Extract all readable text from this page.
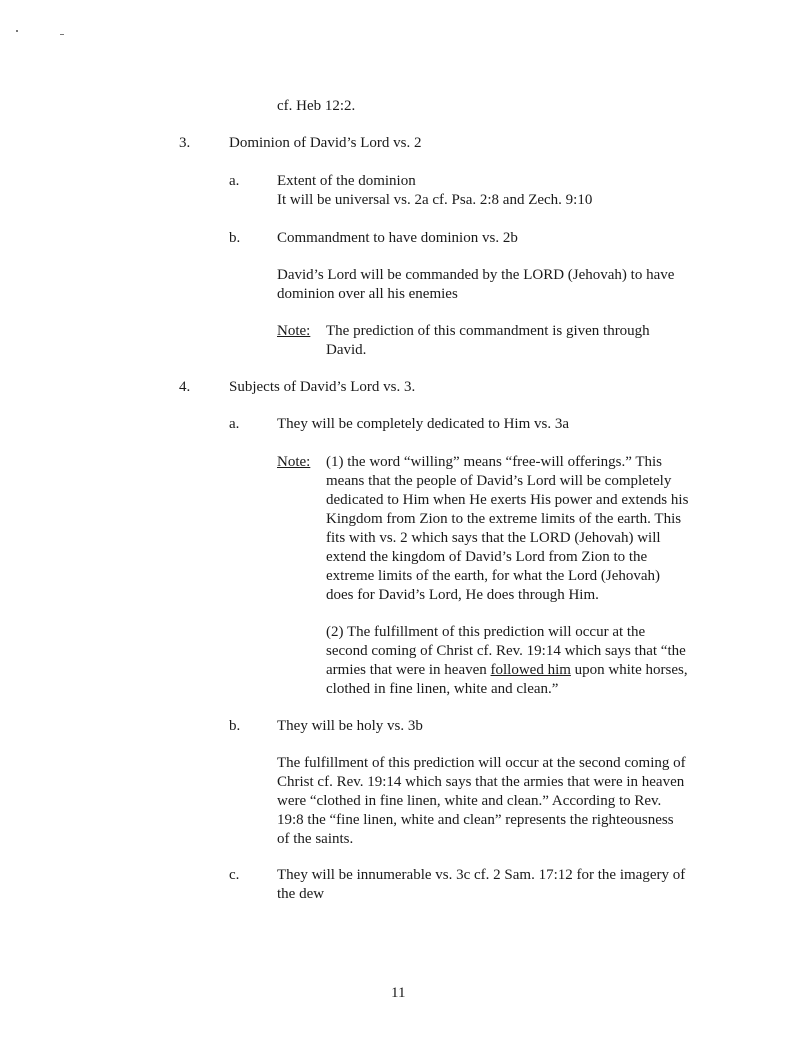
cf. Heb 12:2.
3.	Dominion of David’s Lord vs. 2
a.	Extent of the dominion
It will be universal vs. 2a cf. Psa. 2:8 and Zech. 9:10
b. Commandment to have dominion vs. 2b
David’s Lord will be commanded by the LORD (Jehovah) to have
dominion over all his enemies
Note: The prediction of this commandment is given through
David.
4.	Subjects of David’s Lord vs. 3.
a.	They will be completely dedicated to Him vs. 3a
Note: (1) the word “willing” means “free-will offerings.” This
means that the people of David’s Lord will be completely
dedicated to Him when He exerts His power and extends his
Kingdom from Zion to the extreme limits of the earth. This
fits with vs. 2 which says that the LORD (Jehovah) will
extend the kingdom of David’s Lord from Zion to the
extreme limits of the earth, for what the Lord (Jehovah)
does for David’s Lord, He does through Him.
(2) The fulfillment of this prediction will occur at the
second coming of Christ cf. Rev. 19:14 which says that “the
armies that were in heaven followed him upon white horses,
clothed in fine linen, white and clean.”
b. They will be holy vs. 3b
The fulfillment of this prediction will occur at the second coming of
Christ cf. Rev. 19:14 which says that the armies that were in heaven
were “clothed in fine linen, white and clean.” According to Rev.
19:8 the “fine linen, white and clean” represents the righteousness
of the saints.
c.	They will be innumerable vs. 3c cf. 2 Sam. 17:12 for the imagery of
the dew
11
